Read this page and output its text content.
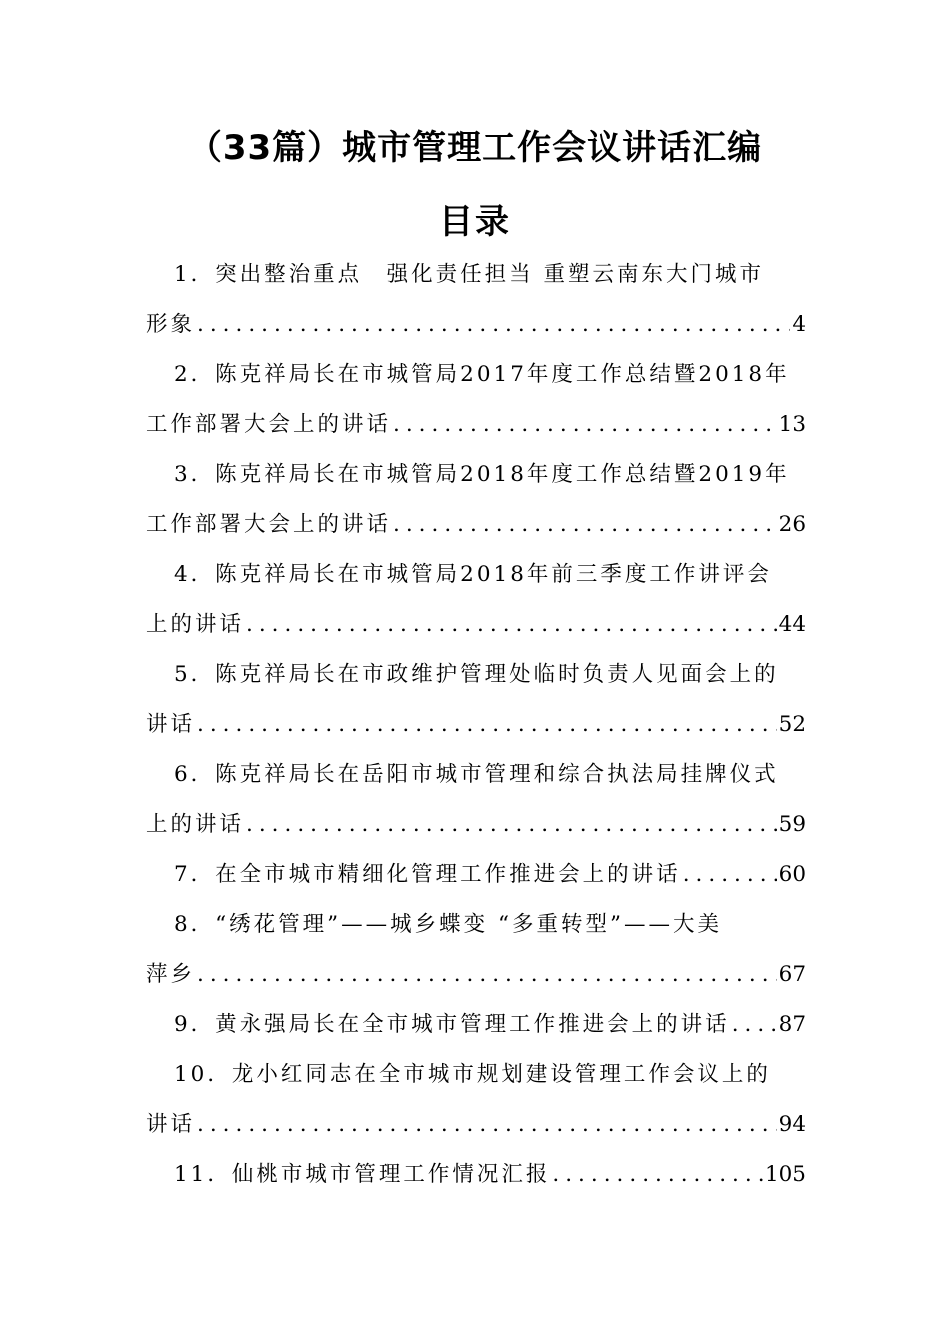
（33篇）城市管理工作会议讲话汇编
目录
1．突出整治重点　强化责任担当 重塑云南东大门城市
形象 .....	4
2．陈克祥局长在市城管局2017年度工作总结暨2018年
工作部署大会上的讲话 .....	13
3．陈克祥局长在市城管局2018年度工作总结暨2019年
工作部署大会上的讲话 .....	26
4．陈克祥局长在市城管局2018年前三季度工作讲评会
上的讲话 .....	44
5．陈克祥局长在市政维护管理处临时负责人见面会上的
讲话 .....	52
6．陈克祥局长在岳阳市城市管理和综合执法局挂牌仪式
上的讲话 .....	59
7．在全市城市精细化管理工作推进会上的讲话 .....	60
8．“绣花管理”——城乡蝶变 “多重转型”——大美
萍乡 .....	67
9．黄永强局长在全市城市管理工作推进会上的讲话 ..... 87
10．龙小红同志在全市城市规划建设管理工作会议上的
讲话 .....	94
11．仙桃市城市管理工作情况汇报 .....	105
